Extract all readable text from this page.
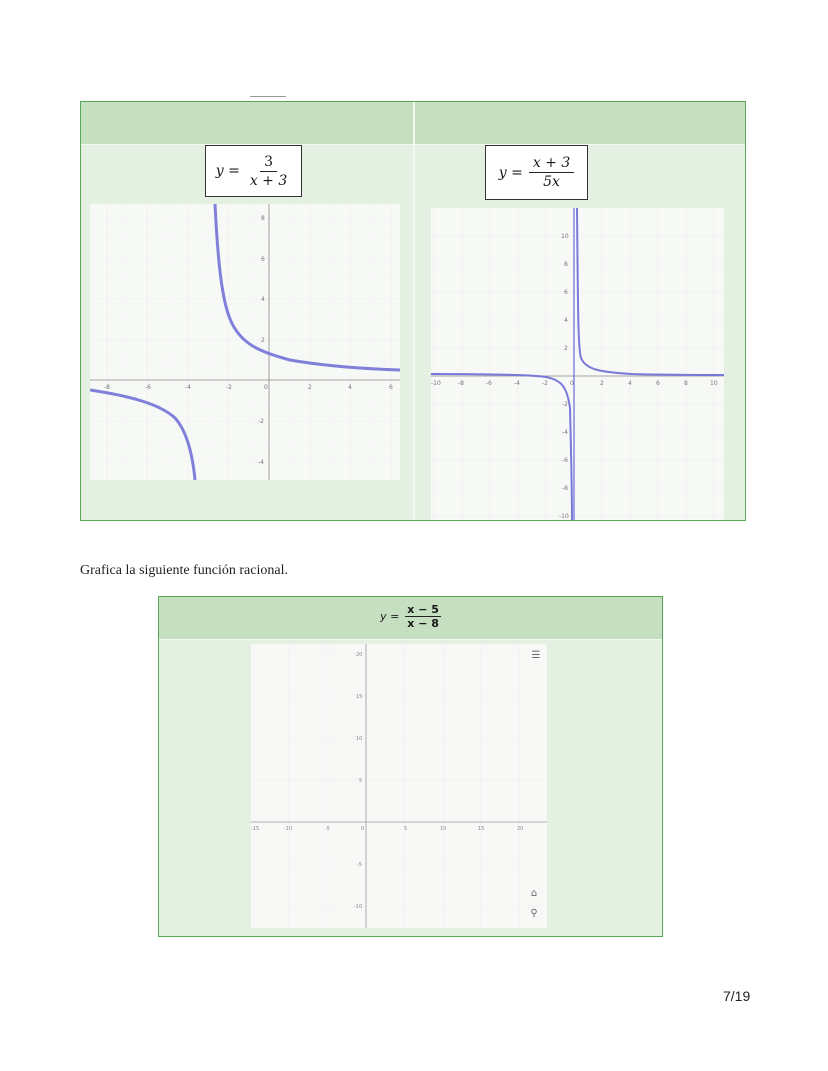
$y = \frac{3}{x + 3}$	$y = \frac{x + 3}{5x}$
-8	-6	-4	-2	0	2	4	6
8
6
4
2
-2
-4
-10	-8	-6	-4	-2	0	2	4	6	8	10
10
8
6
4
2
-2
-4
-6
-8
-10
Grafica la siguiente función racional.
$y = \frac{x - 5}{x - 8}$
-15	-10	-5	0	5	10	15	20
20
15
10
5
-5
-10
☰
⌂
⚲
7/19
